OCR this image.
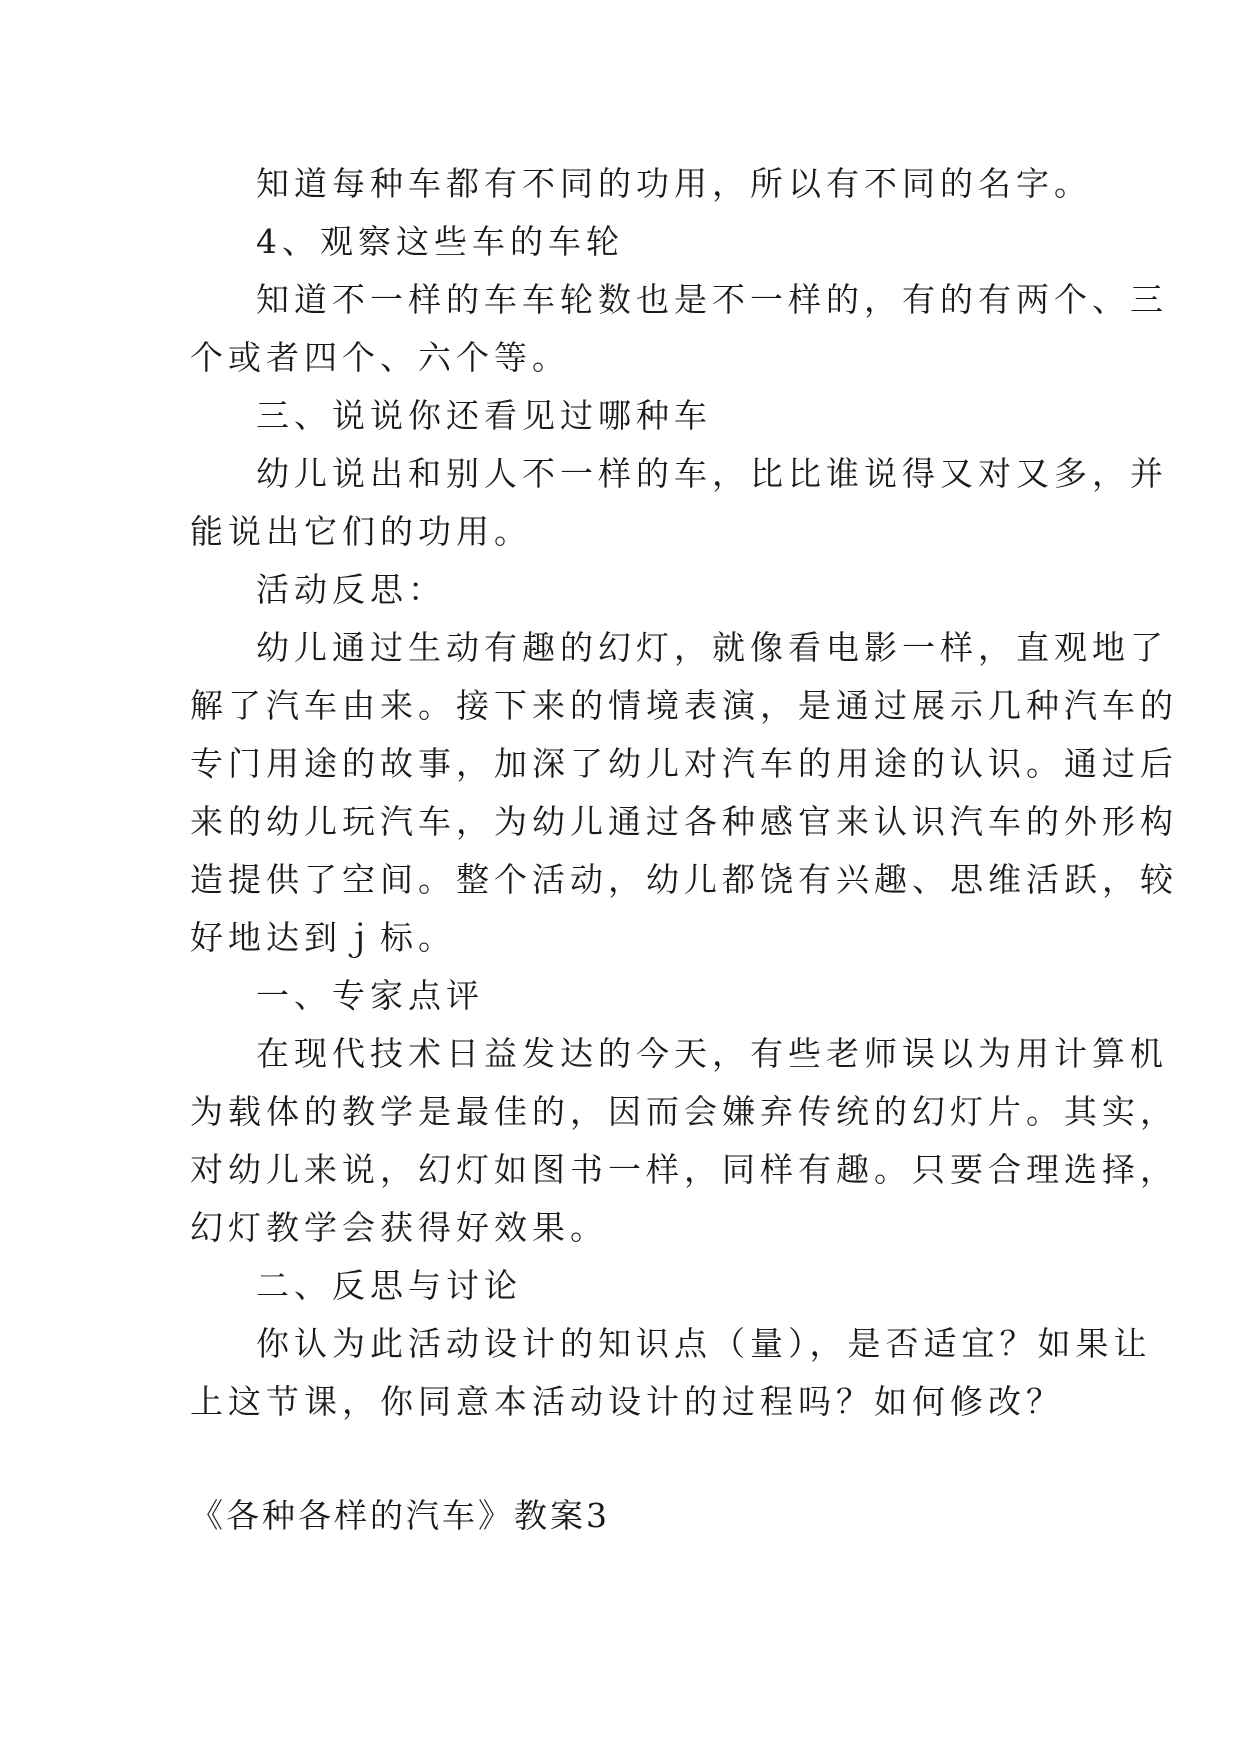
知道每种车都有不同的功用，所以有不同的名字。

4、观察这些车的车轮

知道不一样的车车轮数也是不一样的，有的有两个、三

个或者四个、六个等。

三、说说你还看见过哪种车

幼儿说出和别人不一样的车，比比谁说得又对又多，并

能说出它们的功用。

活动反思：

幼儿通过生动有趣的幻灯，就像看电影一样，直观地了

解了汽车由来。接下来的情境表演，是通过展示几种汽车的

专门用途的故事，加深了幼儿对汽车的用途的认识。通过后

来的幼儿玩汽车，为幼儿通过各种感官来认识汽车的外形构

造提供了空间。整个活动，幼儿都饶有兴趣、思维活跃，较

好地达到ｊ标。

一、专家点评

在现代技术日益发达的今天，有些老师误以为用计算机

为载体的教学是最佳的，因而会嫌弃传统的幻灯片。其实，

对幼儿来说，幻灯如图书一样，同样有趣。只要合理选择，

幻灯教学会获得好效果。

二、反思与讨论

你认为此活动设计的知识点（量），是否适宜？如果让

上这节课，你同意本活动设计的过程吗？如何修改？

《各种各样的汽车》教案3
